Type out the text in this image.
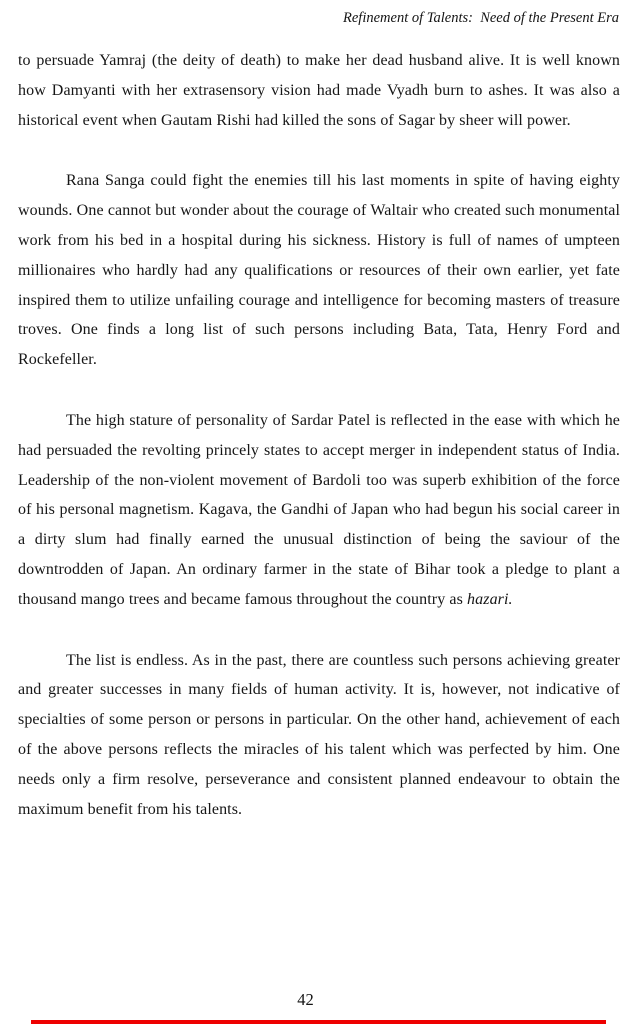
Refinement of Talents:  Need of the Present Era

to persuade Yamraj (the deity of death) to make her dead husband alive. It is well known how Damyanti with her extrasensory vision had made Vyadh burn to ashes. It was also a historical event when Gautam Rishi had killed the sons of Sagar by sheer will power.

Rana Sanga could fight the enemies till his last moments in spite of having eighty wounds. One cannot but wonder about the courage of Waltair who created such monumental work from his bed in a hospital during his sickness. History is full of names of umpteen millionaires who hardly had any qualifications or resources of their own earlier, yet fate inspired them to utilize unfailing courage and intelligence for becoming masters of treasure troves. One finds a long list of such persons including Bata, Tata, Henry Ford and Rockefeller.

The high stature of personality of Sardar Patel is reflected in the ease with which he had persuaded the revolting princely states to accept merger in independent status of India. Leadership of the non-violent movement of Bardoli too was superb exhibition of the force of his personal magnetism. Kagava, the Gandhi of Japan who had begun his social career in a dirty slum had finally earned the unusual distinction of being the saviour of the downtrodden of Japan. An ordinary farmer in the state of Bihar took a pledge to plant a thousand mango trees and became famous throughout the country as hazari.

The list is endless. As in the past, there are countless such persons achieving greater and greater successes in many fields of human activity. It is, however, not indicative of specialties of some person or persons in particular. On the other hand, achievement of each of the above persons reflects the miracles of his talent which was perfected by him. One needs only a firm resolve, perseverance and consistent planned endeavour to obtain the maximum benefit from his talents.

42
